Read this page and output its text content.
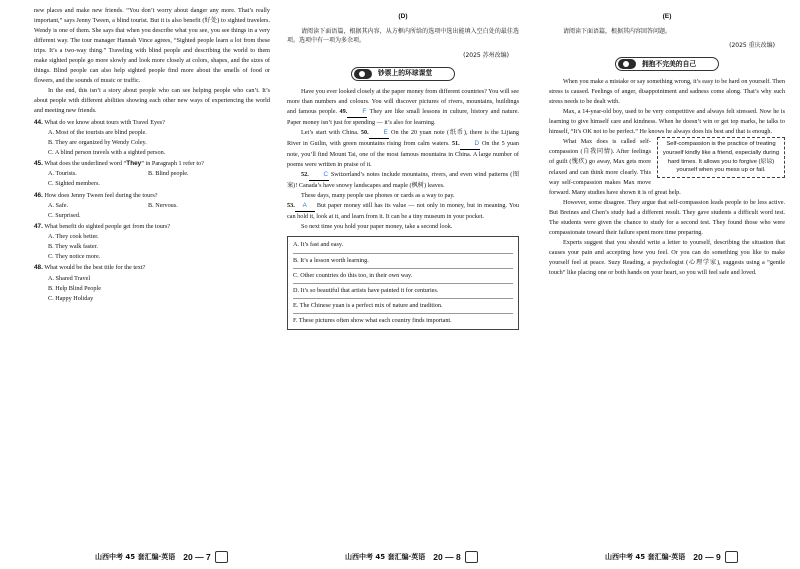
new places and make new friends. “You don’t worry about danger any more. That’s really important,” says Jenny Tween, a blind tourist. But it is also benefit (好处) to sighted travelers. Wendy is one of them. She says that when you describe what you see, you see things in a very different way. The tour manager Hannah Vince agrees, “Sighted people learn a lot from these trips. It’s a two-way thing.” Traveling with blind people and describing the world to them make sighted people go more slowly and look more closely at colors, shapes, and the sizes of things. Blind people can also help sighted people find more about the smells of food or flowers, and the sounds of music or traffic.

In the end, this isn’t a story about people who can see helping people who can’t. It’s about people with different abilities showing each other new ways of experiencing the world and meeting new friends.

44. What do we know about tours with Travel Eyes?
A. Most of the tourists are blind people.
B. They are organized by Wendy Coley.
C. A blind person travels with a sighted person.
45. What does the underlined word “They” in Paragraph 1 refer to?
A. Tourists.	B. Blind people.
C. Sighted members.
46. How does Jenny Tween feel during the tours?
A. Safe.	B. Nervous.
C. Surprised.
47. What benefit do sighted people get from the tours?
A. They cook better.
B. They walk faster.
C. They notice more.
48. What would be the best title for the text?
A. Shared Travel
B. Help Blind People
C. Happy Holiday
(D)

请阅读下面语篇，根据其内容，从方框内所给的选项中选出能填入空白处的最佳选项。选项中有一项为多余项。

(2025 苏州改编)
钞票上的环球课堂

Have you ever looked closely at the paper money from different countries? You will see more than numbers and colours. You will discover pictures of rivers, mountains, buildings and famous people. 49. F They are like small lessons in culture, history and nature. Paper money isn’t just for spending — it’s also for learning.

Let’s start with China. 50. E On the 20 yuan note (纸币), there is the Lijiang River in Guilin, with green mountains rising from calm waters. 51. D On the 5 yuan note, you’ll find Mount Tai, one of the most famous mountains in China. A large number of poems were written in praise of it.

52. C Switzerland’s notes include mountains, rivers, and even wind patterns (图案)! Canada’s have snowy landscapes and maple (枫树) leaves.

These days, many people use phones or cards as a way to pay.

53. A But paper money still has its value — not only in money, but in meaning. You can hold it, look at it, and learn from it. It can be a tiny museum in your pocket.

So next time you hold your paper money, take a second look.

A. It’s fast and easy.
B. It’s a lesson worth learning.
C. Other countries do this too, in their own way.
D. It’s so beautiful that artists have painted it for centuries.
E. The Chinese yuan is a perfect mix of nature and tradition.
F. These pictures often show what each country finds important.
(E)

请阅读下面语篇，根据其内容回答问题。

(2025 重庆改编)
拥抱不完美的自己

When you make a mistake or say something wrong, it’s easy to be hard on yourself. Then stress is caused. Feelings of anger, disappointment and sadness come along. That’s why such stress needs to be dealt with.

Max, a 14-year-old boy, used to be very competitive and always felt stressed. Now he is learning to give himself care and kindness. When he doesn’t win or get top marks, he talks to himself, “It’s OK not to be perfect.” He knows he always does his best and that is enough.

Self-compassion is the practice of treating yourself kindly like a friend, especially during hard times. It allows you to forgive (原谅) yourself when you mess up or fail.

What Max does is called self-compassion (自我同情). After feelings of guilt (愧疚) go away, Max gets more relaxed and can think more clearly. This way self-compassion makes Max move forward. Many studies have shown it is of great help.

However, some disagree. They argue that self-compassion leads people to be less active. But Breines and Chen’s study had a different result. They gave students a difficult word test. The students were given the chance to study for a second test. They found those who were compassionate toward their failure spent more time preparing.

Experts suggest that you should write a letter to yourself, describing the situation that causes your pain and accepting how you feel. Or you can do something you like to make yourself feel at peace. Suzy Reading, a psychologist (心理学家), suggests using a “gentle touch” like placing one or both hands on your heart, so you will feel safe and loved.

山西中考 45 套汇编·英语 20 — 7	山西中考 45 套汇编·英语 20 — 8	山西中考 45 套汇编·英语 20 — 9
